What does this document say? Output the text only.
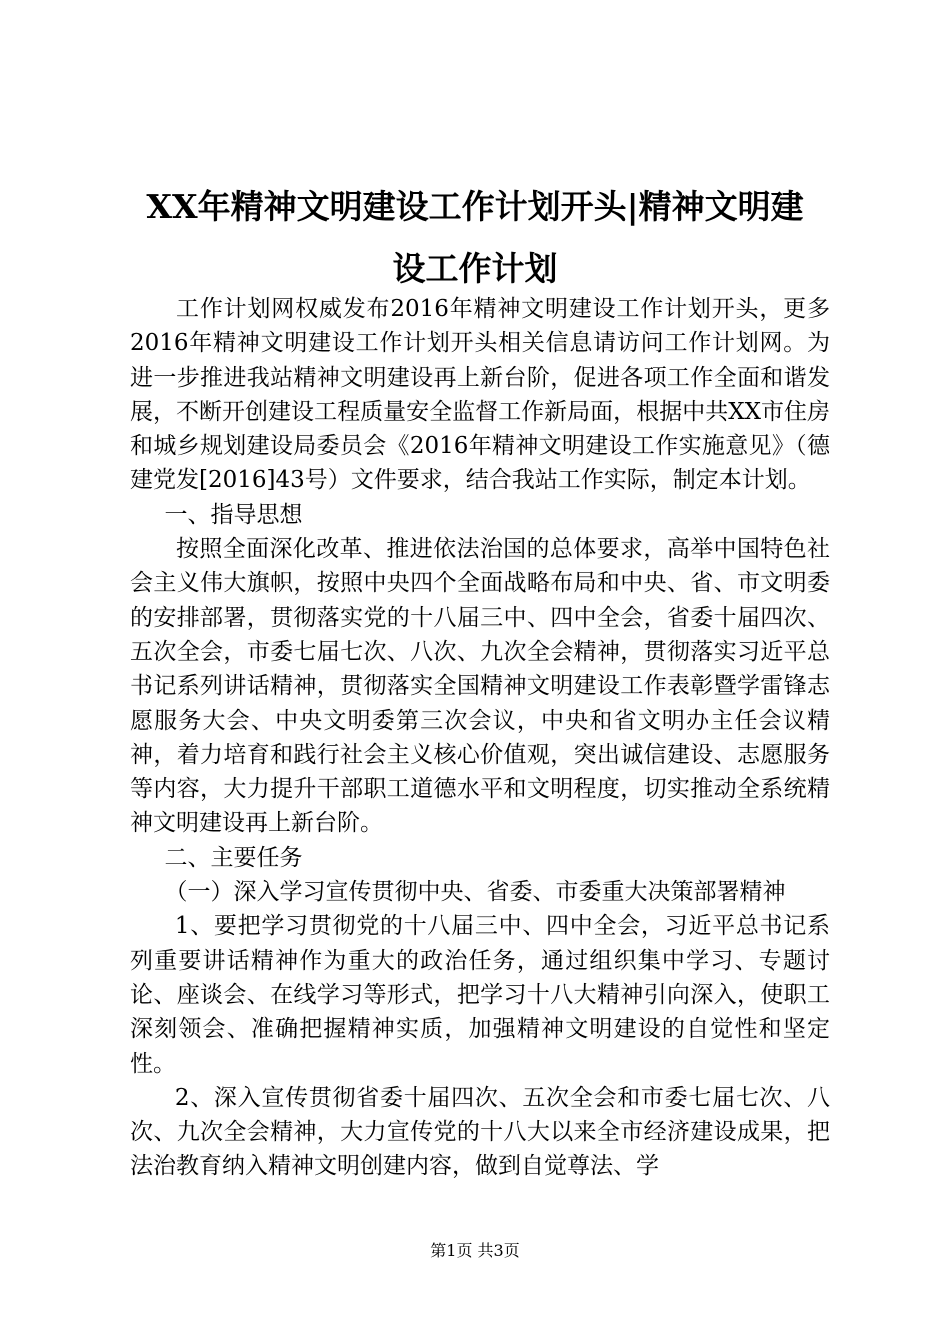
XX年精神文明建设工作计划开头|精神文明建
设工作计划

工作计划网权威发布2016年精神文明建设工作计划开头，更多2016年精神文明建设工作计划开头相关信息请访问工作计划网。为进一步推进我站精神文明建设再上新台阶，促进各项工作全面和谐发展，不断开创建设工程质量安全监督工作新局面，根据中共XX市住房和城乡规划建设局委员会《2016年精神文明建设工作实施意见》（德建党发[2016]43号）文件要求，结合我站工作实际，制定本计划。

一、指导思想

按照全面深化改革、推进依法治国的总体要求，高举中国特色社会主义伟大旗帜，按照中央四个全面战略布局和中央、省、市文明委的安排部署，贯彻落实党的十八届三中、四中全会，省委十届四次、五次全会，市委七届七次、八次、九次全会精神，贯彻落实习近平总书记系列讲话精神，贯彻落实全国精神文明建设工作表彰暨学雷锋志愿服务大会、中央文明委第三次会议，中央和省文明办主任会议精神，着力培育和践行社会主义核心价值观，突出诚信建设、志愿服务等内容，大力提升干部职工道德水平和文明程度，切实推动全系统精神文明建设再上新台阶。

二、主要任务

（一）深入学习宣传贯彻中央、省委、市委重大决策部署精神

1、要把学习贯彻党的十八届三中、四中全会，习近平总书记系列重要讲话精神作为重大的政治任务，通过组织集中学习、专题讨论、座谈会、在线学习等形式，把学习十八大精神引向深入，使职工深刻领会、准确把握精神实质，加强精神文明建设的自觉性和坚定性。

2、深入宣传贯彻省委十届四次、五次全会和市委七届七次、八次、九次全会精神，大力宣传党的十八大以来全市经济建设成果，把法治教育纳入精神文明创建内容，做到自觉尊法、学

第1页 共3页
